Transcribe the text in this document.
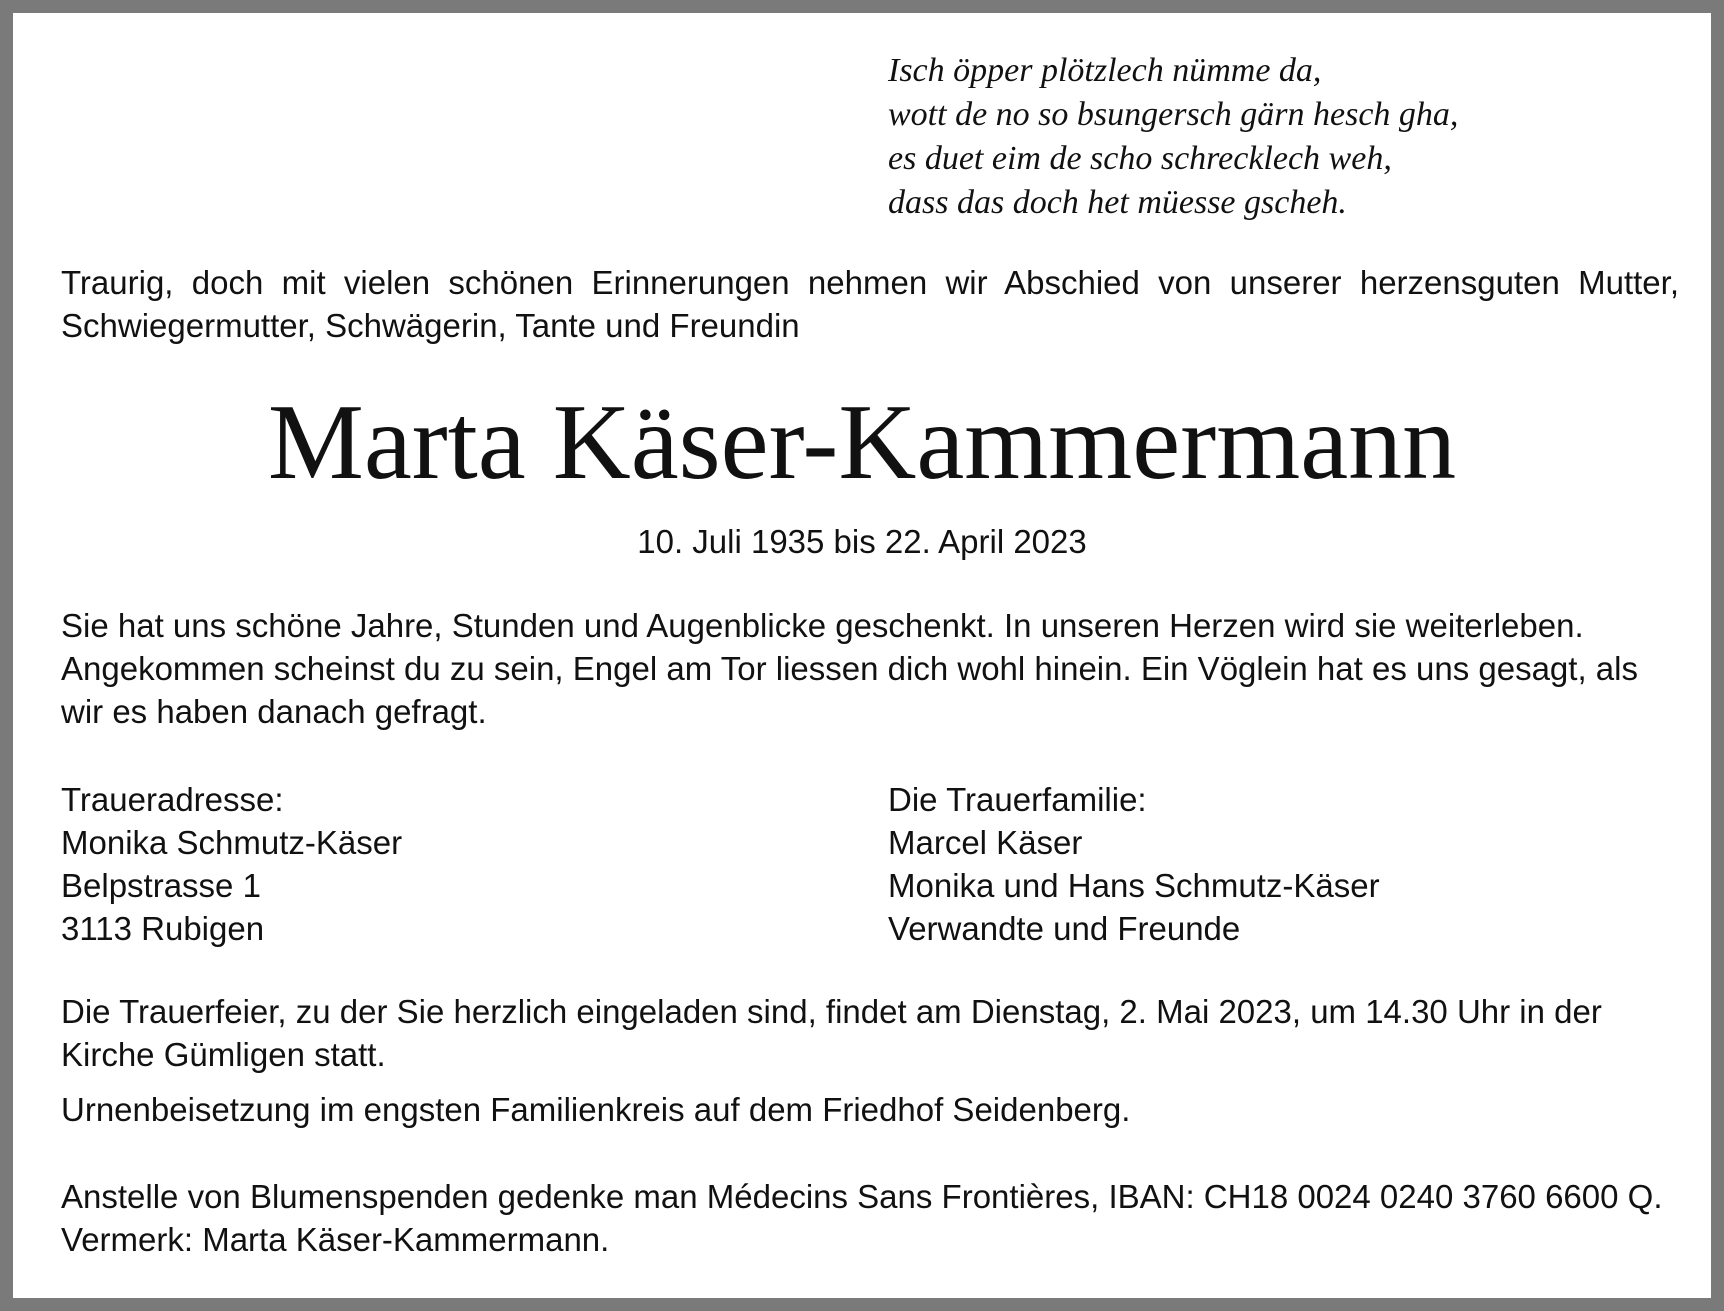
Isch öpper plötzlech nümme da,
wott de no so bsungersch gärn hesch gha,
es duet eim de scho schrecklech weh,
dass das doch het müesse gscheh.
Traurig, doch mit vielen schönen Erinnerungen nehmen wir Abschied von unserer herzensguten Mutter, Schwiegermutter, Schwägerin, Tante und Freundin
Marta Käser-Kammermann
10. Juli 1935 bis 22. April 2023
Sie hat uns schöne Jahre, Stunden und Augenblicke geschenkt. In unseren Herzen wird sie weiterleben. Angekommen scheinst du zu sein, Engel am Tor liessen dich wohl hinein. Ein Vöglein hat es uns gesagt, als wir es haben danach gefragt.
Traueradresse:
Monika Schmutz-Käser
Belpstrasse 1
3113 Rubigen
Die Trauerfamilie:
Marcel Käser
Monika und Hans Schmutz-Käser
Verwandte und Freunde
Die Trauerfeier, zu der Sie herzlich eingeladen sind, findet am Dienstag, 2. Mai 2023, um 14.30 Uhr in der Kirche Gümligen statt.
Urnenbeisetzung im engsten Familienkreis auf dem Friedhof Seidenberg.
Anstelle von Blumenspenden gedenke man Médecins Sans Frontières, IBAN: CH18 0024 0240 3760 6600 Q.
Vermerk: Marta Käser-Kammermann.
